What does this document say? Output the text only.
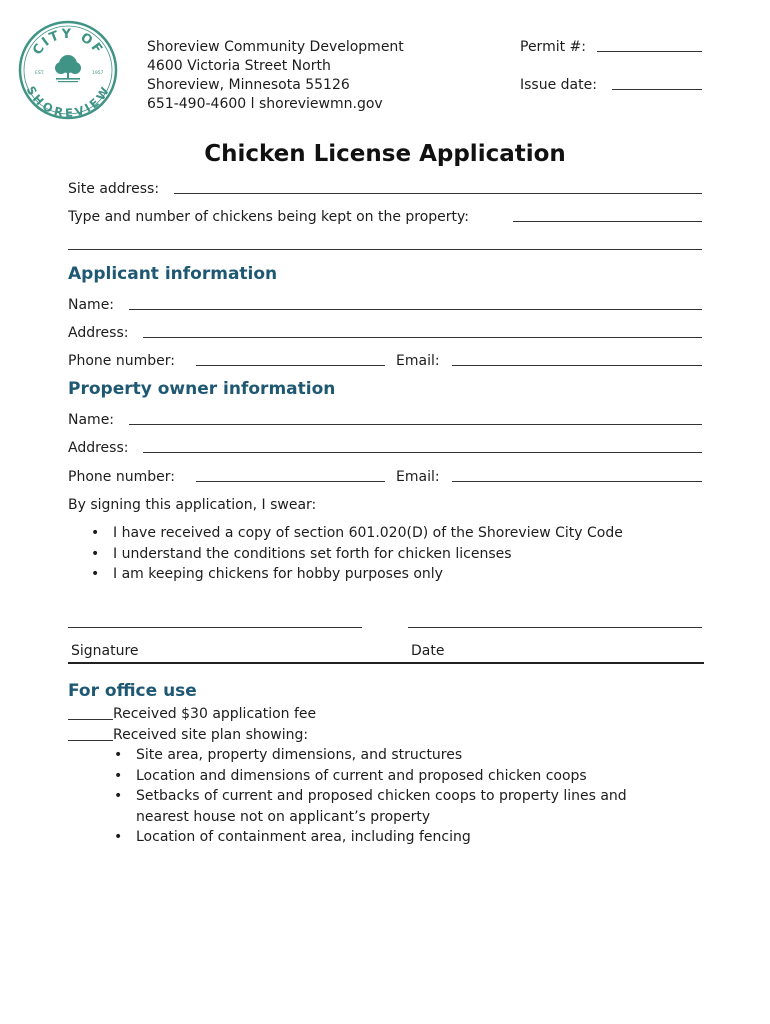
CITY OF
SHOREVIEW
EST.	1957
Shoreview Community Development
4600 Victoria Street North
Shoreview, Minnesota 55126
651-490-4600 l shoreviewmn.gov
Permit #:
Issue date:
Chicken License Application
Site address:
Type and number of chickens being kept on the property:
Applicant information
Name:
Address:
Phone number:	Email:
Property owner information
Name:
Address:
Phone number:	Email:
By signing this application, I swear:
• I have received a copy of section 601.020(D) of the Shoreview City Code
• I understand the conditions set forth for chicken licenses
• I am keeping chickens for hobby purposes only
Signature	Date
For office use
Received $30 application fee
Received site plan showing:
• Site area, property dimensions, and structures
• Location and dimensions of current and proposed chicken coops
• Setbacks of current and proposed chicken coops to property lines and nearest house not on applicant’s property
• Location of containment area, including fencing
